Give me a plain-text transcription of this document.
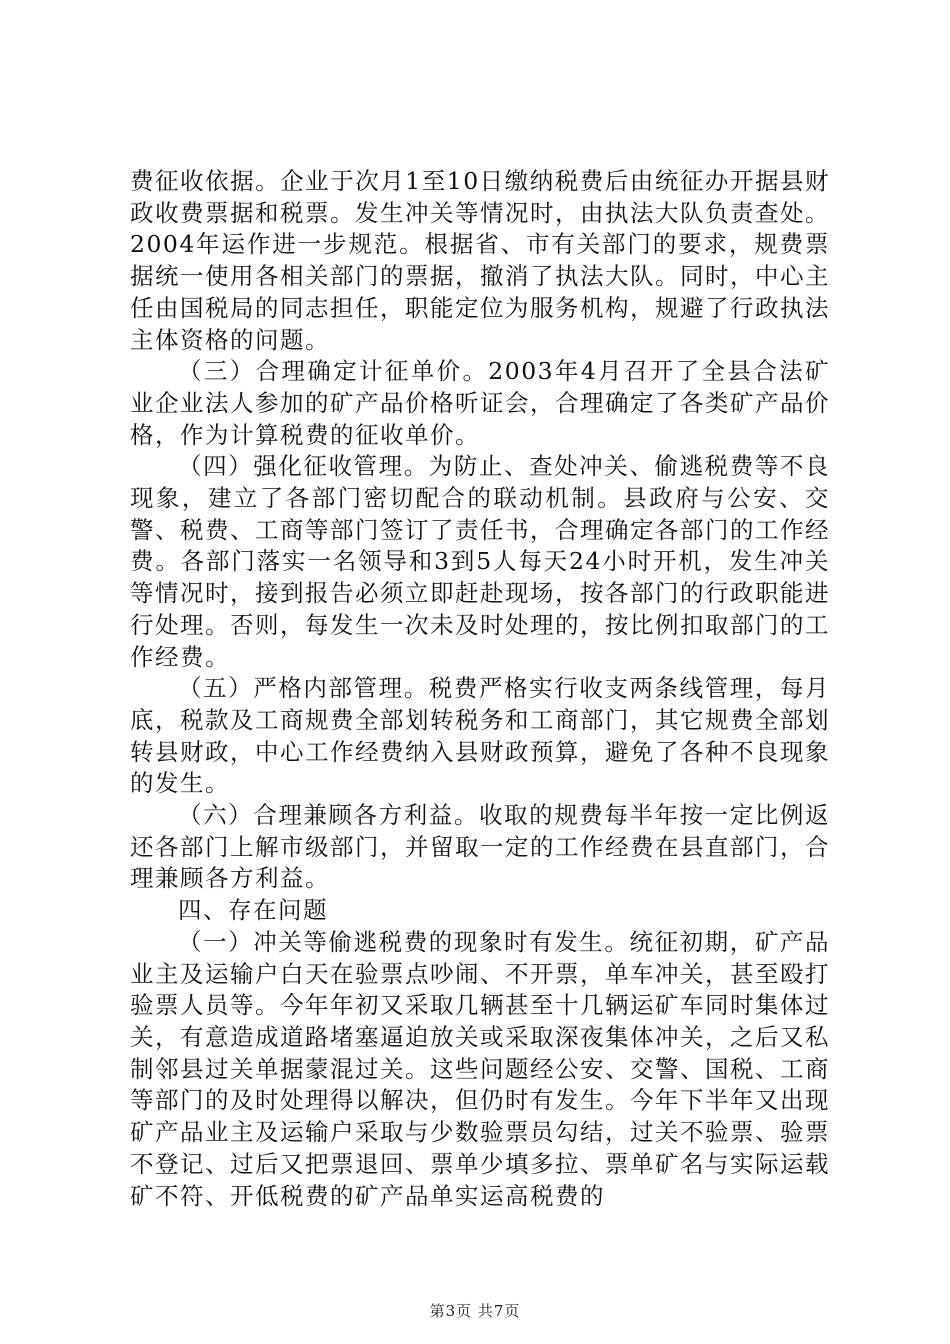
费征收依据。企业于次月1至10日缴纳税费后由统征办开据县财政收费票据和税票。发生冲关等情况时，由执法大队负责查处。2004年运作进一步规范。根据省、市有关部门的要求，规费票据统一使用各相关部门的票据，撤消了执法大队。同时，中心主任由国税局的同志担任，职能定位为服务机构，规避了行政执法主体资格的问题。

（三）合理确定计征单价。2003年4月召开了全县合法矿业企业法人参加的矿产品价格听证会，合理确定了各类矿产品价格，作为计算税费的征收单价。

（四）强化征收管理。为防止、查处冲关、偷逃税费等不良现象，建立了各部门密切配合的联动机制。县政府与公安、交警、税费、工商等部门签订了责任书，合理确定各部门的工作经费。各部门落实一名领导和3到5人每天24小时开机，发生冲关等情况时，接到报告必须立即赶赴现场，按各部门的行政职能进行处理。否则，每发生一次未及时处理的，按比例扣取部门的工作经费。

（五）严格内部管理。税费严格实行收支两条线管理，每月底，税款及工商规费全部划转税务和工商部门，其它规费全部划转县财政，中心工作经费纳入县财政预算，避免了各种不良现象的发生。

（六）合理兼顾各方利益。收取的规费每半年按一定比例返还各部门上解市级部门，并留取一定的工作经费在县直部门，合理兼顾各方利益。

四、存在问题

（一）冲关等偷逃税费的现象时有发生。统征初期，矿产品业主及运输户白天在验票点吵闹、不开票，单车冲关，甚至殴打验票人员等。今年年初又采取几辆甚至十几辆运矿车同时集体过关，有意造成道路堵塞逼迫放关或采取深夜集体冲关，之后又私制邻县过关单据蒙混过关。这些问题经公安、交警、国税、工商等部门的及时处理得以解决，但仍时有发生。今年下半年又出现矿产品业主及运输户采取与少数验票员勾结，过关不验票、验票不登记、过后又把票退回、票单少填多拉、票单矿名与实际运载矿不符、开低税费的矿产品单实运高税费的

第3页 共7页
